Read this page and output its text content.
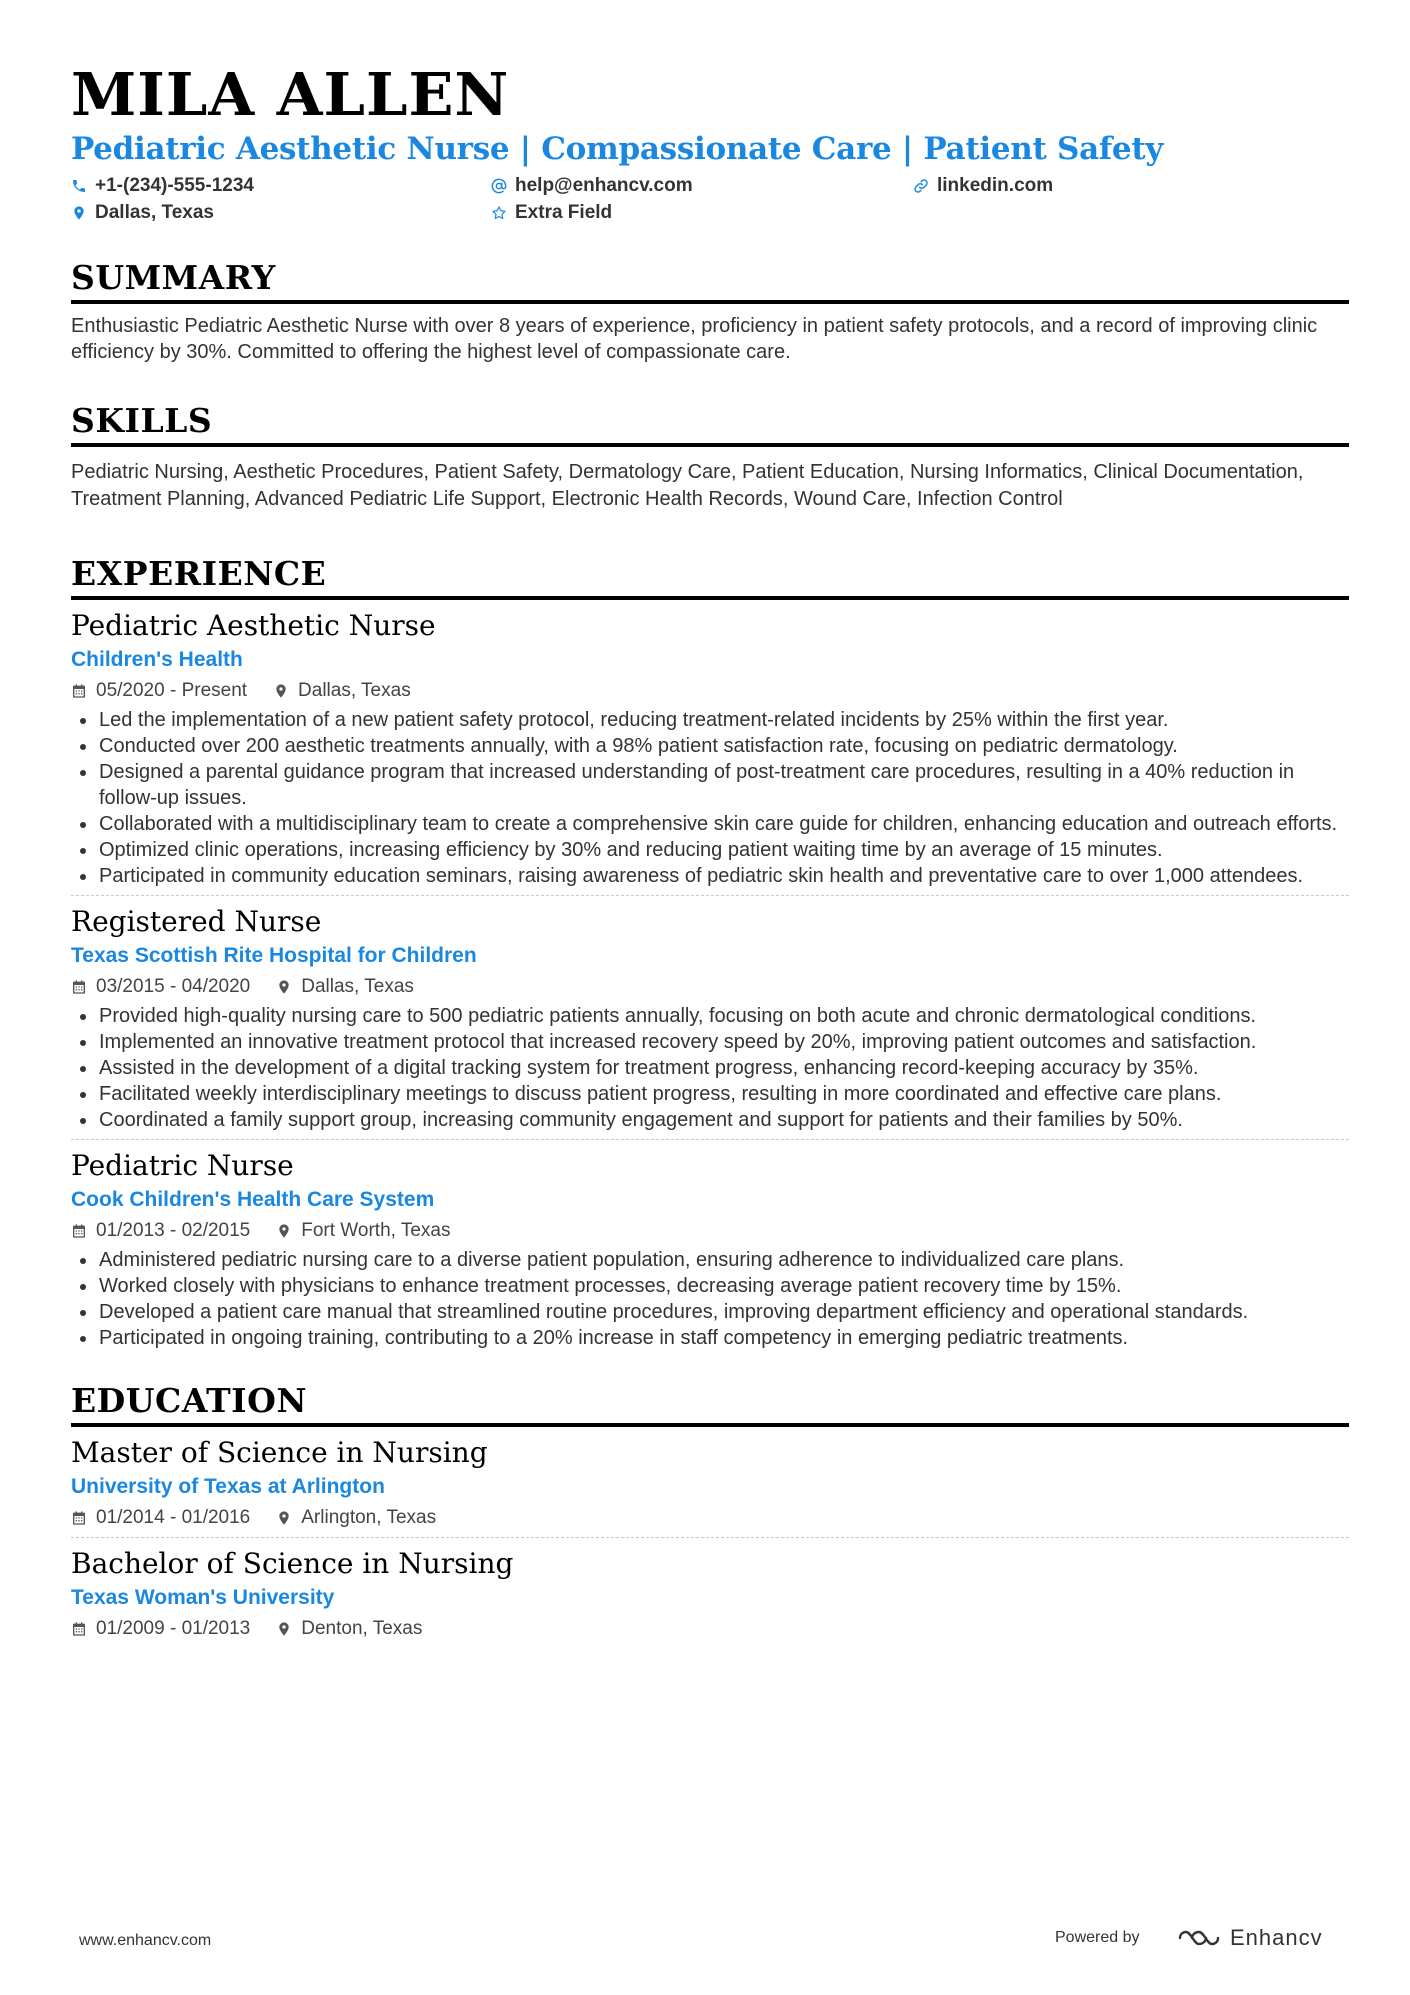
MILA ALLEN
Pediatric Aesthetic Nurse | Compassionate Care | Patient Safety
+1-(234)-555-1234	help@enhancv.com	linkedin.com
Dallas, Texas	Extra Field
SUMMARY
Enthusiastic Pediatric Aesthetic Nurse with over 8 years of experience, proficiency in patient safety protocols, and a record of improving clinic efficiency by 30%. Committed to offering the highest level of compassionate care.
SKILLS
Pediatric Nursing, Aesthetic Procedures, Patient Safety, Dermatology Care, Patient Education, Nursing Informatics, Clinical Documentation, Treatment Planning, Advanced Pediatric Life Support, Electronic Health Records, Wound Care, Infection Control
EXPERIENCE
Pediatric Aesthetic Nurse
Children's Health
05/2020 - Present	Dallas, Texas
Led the implementation of a new patient safety protocol, reducing treatment-related incidents by 25% within the first year.
Conducted over 200 aesthetic treatments annually, with a 98% patient satisfaction rate, focusing on pediatric dermatology.
Designed a parental guidance program that increased understanding of post-treatment care procedures, resulting in a 40% reduction in follow-up issues.
Collaborated with a multidisciplinary team to create a comprehensive skin care guide for children, enhancing education and outreach efforts.
Optimized clinic operations, increasing efficiency by 30% and reducing patient waiting time by an average of 15 minutes.
Participated in community education seminars, raising awareness of pediatric skin health and preventative care to over 1,000 attendees.
Registered Nurse
Texas Scottish Rite Hospital for Children
03/2015 - 04/2020	Dallas, Texas
Provided high-quality nursing care to 500 pediatric patients annually, focusing on both acute and chronic dermatological conditions.
Implemented an innovative treatment protocol that increased recovery speed by 20%, improving patient outcomes and satisfaction.
Assisted in the development of a digital tracking system for treatment progress, enhancing record-keeping accuracy by 35%.
Facilitated weekly interdisciplinary meetings to discuss patient progress, resulting in more coordinated and effective care plans.
Coordinated a family support group, increasing community engagement and support for patients and their families by 50%.
Pediatric Nurse
Cook Children's Health Care System
01/2013 - 02/2015	Fort Worth, Texas
Administered pediatric nursing care to a diverse patient population, ensuring adherence to individualized care plans.
Worked closely with physicians to enhance treatment processes, decreasing average patient recovery time by 15%.
Developed a patient care manual that streamlined routine procedures, improving department efficiency and operational standards.
Participated in ongoing training, contributing to a 20% increase in staff competency in emerging pediatric treatments.
EDUCATION
Master of Science in Nursing
University of Texas at Arlington
01/2014 - 01/2016	Arlington, Texas
Bachelor of Science in Nursing
Texas Woman's University
01/2009 - 01/2013	Denton, Texas
www.enhancv.com	Powered by	Enhancv
